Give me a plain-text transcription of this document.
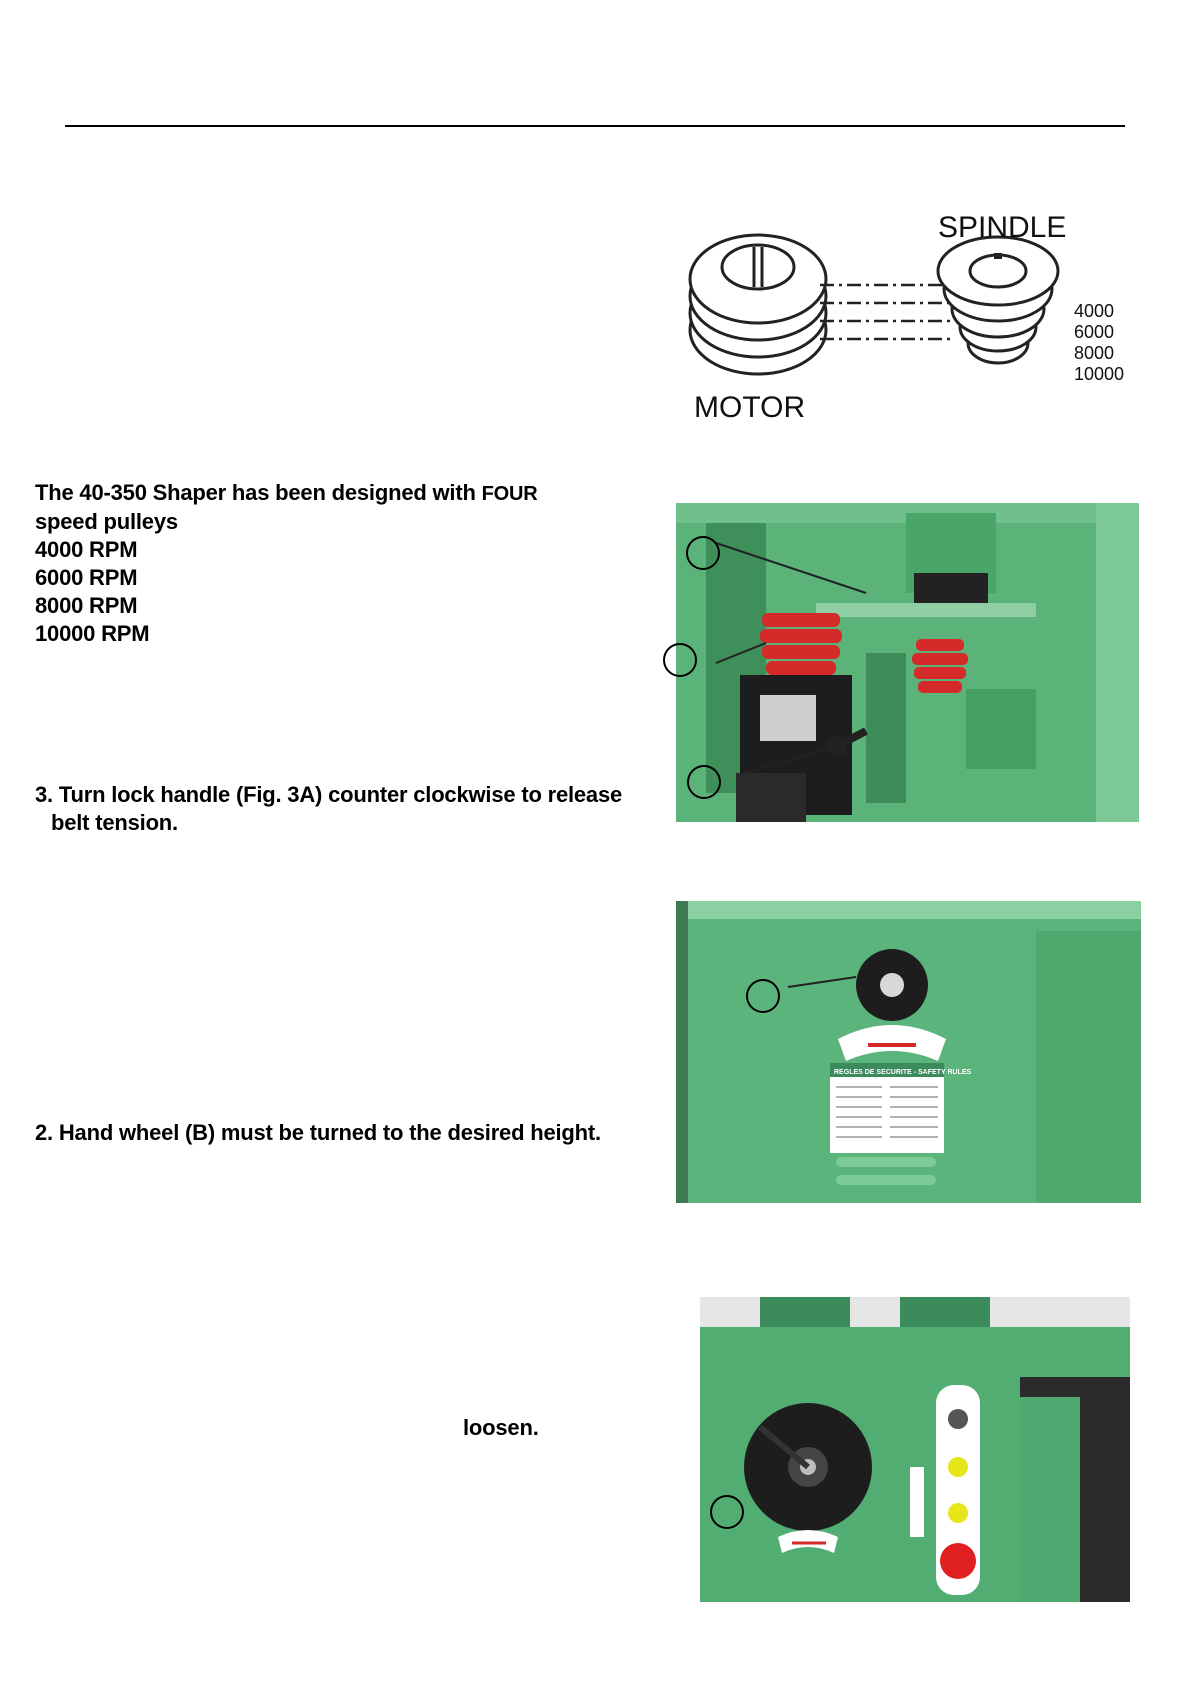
SPINDLE
MOTOR
4000
6000
8000
10000
The 40-350 Shaper has been designed with FOUR
speed pulleys
4000 RPM
6000 RPM
8000 RPM
10000 RPM
3. Turn lock handle (Fig. 3A) counter clockwise to release
belt tension.
2. Hand wheel (B) must be turned to the desired height.
loosen.
REGLES DE SECURITE - SAFETY RULES
